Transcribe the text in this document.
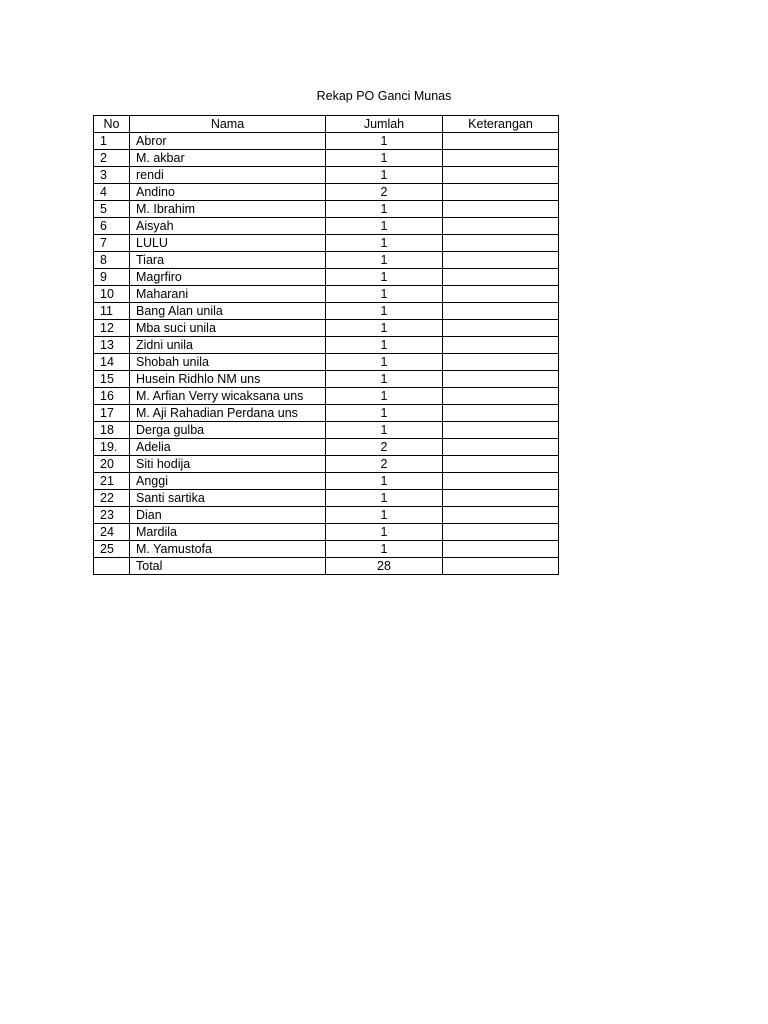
Rekap PO Ganci Munas
No	Nama	Jumlah	Keterangan
1	Abror	1	
2	M. akbar	1	
3	rendi	1	
4	Andino	2	
5	M. Ibrahim	1	
6	Aisyah	1	
7	LULU	1	
8	Tiara	1	
9	Magrfiro	1	
10	Maharani	1	
11	Bang Alan unila	1	
12	Mba suci unila	1	
13	Zidni unila	1	
14	Shobah unila	1	
15	Husein Ridhlo NM uns	1	
16	M. Arfian Verry wicaksana uns	1	
17	M. Aji Rahadian Perdana uns	1	
18	Derga gulba	1	
19.	Adelia	2	
20	Siti hodija	2	
21	Anggi	1	
22	Santi sartika	1	
23	Dian	1	
24	Mardila	1	
25	M. Yamustofa	1	
	Total	28	
